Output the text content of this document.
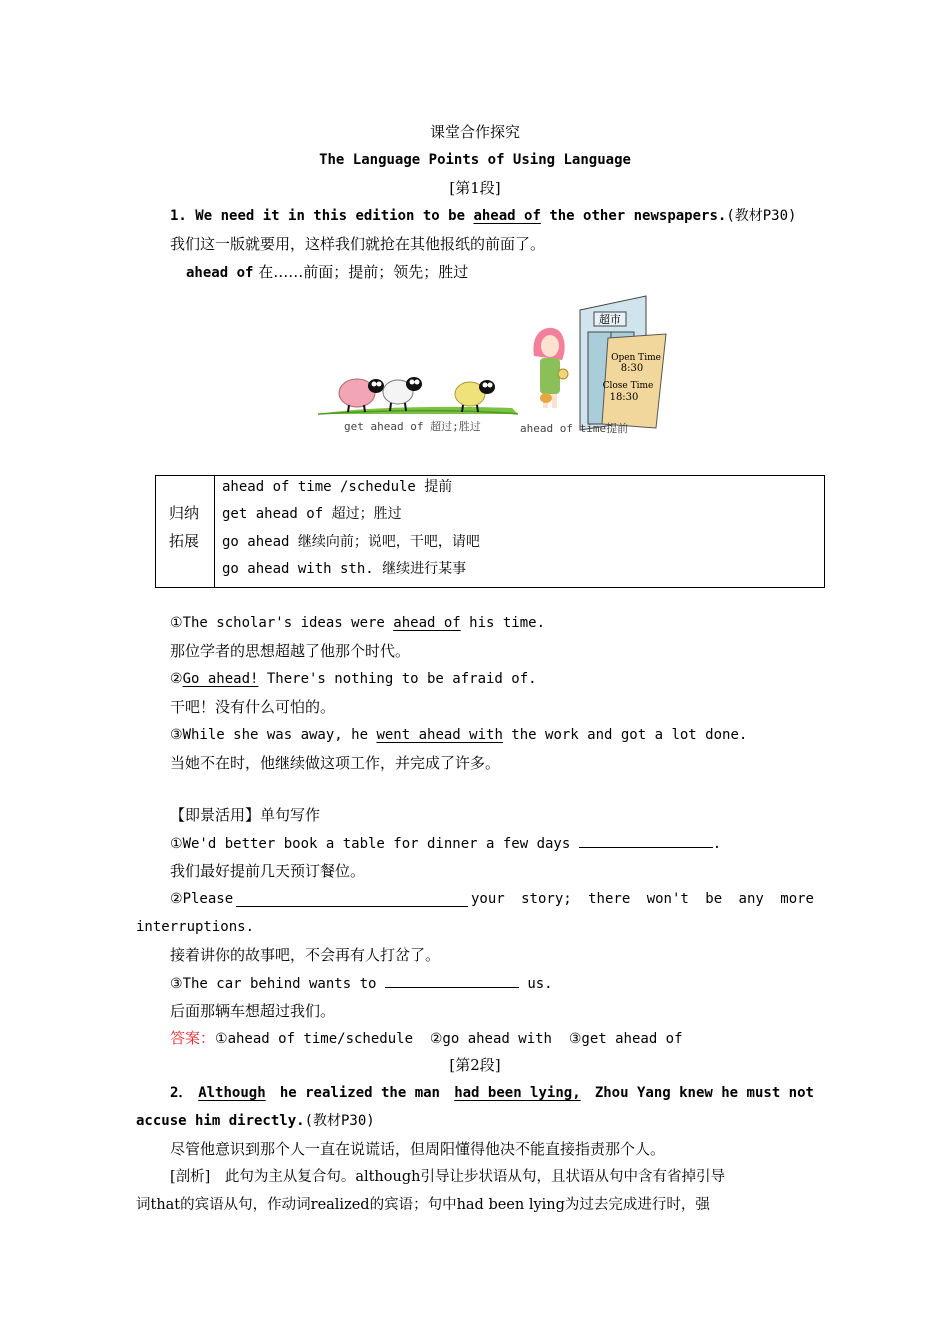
课堂合作探究
The Language Points of Using Language
[第1段]
1. We need it in this edition to be ahead of the other newspapers.(教材P30)
我们这一版就要用，这样我们就抢在其他报纸的前面了。
ahead of 在……前面；提前；领先；胜过
超市
Open Time
8:30
Close Time
18:30
get ahead of 超过;胜过	ahead of time提前
归纳
拓展
ahead of time /schedule 提前
get ahead of 超过；胜过
go ahead 继续向前；说吧，干吧，请吧
go ahead with sth. 继续进行某事
①The scholar's ideas were ahead of his time.
那位学者的思想超越了他那个时代。
②Go ahead! There's nothing to be afraid of.
干吧！没有什么可怕的。
③While she was away, he went ahead with the work and got a lot done.
当她不在时，他继续做这项工作，并完成了许多。
【即景活用】单句写作
①We'd better book a table for dinner a few days	.
我们最好提前几天预订餐位。
②Please	your story; there won't be any more
interruptions.
接着讲你的故事吧，不会再有人打岔了。
③The car behind wants to	us.
后面那辆车想超过我们。
答案：①ahead of time/schedule  ②go ahead with  ③get ahead of
[第2段]
2． Although he realized the man had been lying, Zhou Yang knew he must not
accuse him directly.(教材P30)
尽管他意识到那个人一直在说谎话，但周阳懂得他决不能直接指责那个人。
[剖析]　此句为主从复合句。although引导让步状语从句，且状语从句中含有省掉引导
词that的宾语从句，作动词realized的宾语；句中had been lying为过去完成进行时，强
